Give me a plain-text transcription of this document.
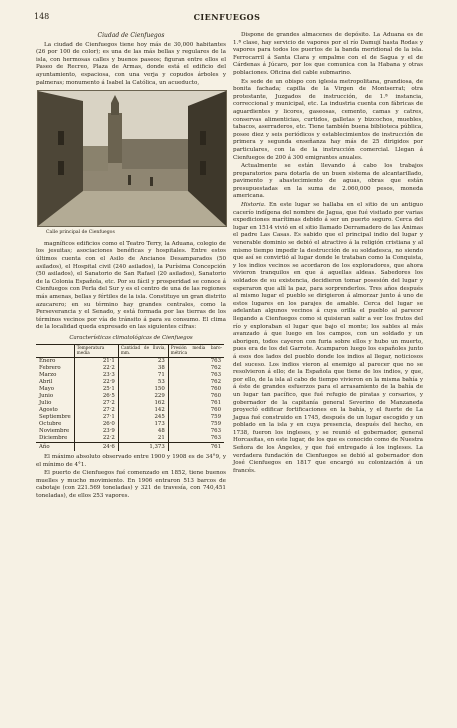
148	CIENFUEGOS
Ciudad de Cienfuegos

La ciudad de Cienfuegos tiene hoy más de 30,000 habitantes (26 por 100 de color); es una de las más bellas y regulares de la isla, con hermosas calles y buenos paseos; figuran entre ellos el Paseo de Recreo, Plaza de Armas, donde está el edificio del ayuntamiento, espaciosa, con una verja y copudos árboles y palmeras; monumento á Isabel la Católica, un acueducto,

Calle principal de Cienfuegos

magníficos edificios como el Teatro Terry, la Aduana, colegio de los jesuitas; asociaciones benéficas y hospitales. Entre estos últimos cuenta con el Asilo de Ancianos Desamparados (50 asilados), el Hospital civil (240 asilados), la Purísima Concepción (50 asilados), el Sanatorio de San Rafael (20 asilados), Sanatorio de la Colonia Española, etc. Por su fácil y prosperidad se conoce á Cienfuegos con Perla del Sur y es el centro de una de las regiones más amenas, bellas y fértiles de la isla. Constituye un gran distrito azucarero; en su término hay grandes centrales, como la Perseverancia y el Senado, y está formada por las tierras de los términos vecinos por vía de tránsito á para su consumo. El clima de la localidad queda expresado en las siguientes cifras:

Características climatológicas de Cienfuegos
	Temperatura media	Cantidad de lluvia, mm.	Presión media baro-métrica
Enero	21·1	23	763
Febrero	22·2	38	762
Marzo	23·3	71	763
Abril	22·9	53	762
Mayo	25·1	150	760
Junio	26·5	229	760
Julio	27·2	162	761
Agosto	27·2	142	760
Septiembre	27·1	245	759
Octubre	26·0	173	759
Noviembre	23·9	48	763
Diciembre	22·2	21	763
Año	24·6	1,373	761

El máximo absoluto observado entre 1900 y 1908 es de 34°9, y el mínimo de 4°1.

El puerto de Cienfuegos fué comenzado en 1852, tiene buenos muelles y mucho movimiento. En 1906 entraron 513 barcos de cabotaje (con 221.569 toneladas) y 321 de travesía, con 740,451 toneladas), de ellos 253 vapores.

Dispone de grandes almacenes de depósito. La Aduana es de 1.ª clase, hay servicio de vapores por el río Damují hasta Rodas y vapores para todos los puertos de la banda meridional de la isla. Ferrocarril á Santa Clara y empalme con el de Sagua y el de Cárdenas á Júcaro, por los que comunica con la Habana y otras poblaciones. Oficina del cable submarino.

Es sede de un obispo con iglesia metropolitana, grandiosa, de bonita fachada; capilla de la Virgen de Montserrat; otra protestante, Juzgados de instrucción, de 1.ª instancia, correccional y municipal, etc. La industria cuenta con fábricas de aguardientes y licores, gaseosas, cemento, camas y catres, conservas alimenticias, curtidos, galletas y bizcochos, muebles, tabacos, aserraderos, etc. Tiene también buena biblioteca pública, posee diez y seis periódicos y establecimientos de instrucción de primera y segunda enseñanza hay más de 25 dirigidos por particulares, con la de la instrucción comercial. Llegan á Cienfuegos de 200 á 300 emigrantes anuales.

Actualmente se están llevando á cabo los trabajos preparatorios para dotarla de un buen sistema de alcantarillado, pavimento y abastecimiento de aguas, obras que están presupuestadas en la suma de 2.060,000 pesos, moneda americana.

Historia. En este lugar se hallaba en el sitio de un antiguo cacerío indígena del nombre de Jagua, que fué visitado por varias expediciones marítimas debido á ser un puerto seguro. Cerca del lugar en 1514 vivió en el sitio llamado Derramadero de las Ánimas el padre Las Casas. Es sabido que el principal indio del lugar y venerable dominio se debió el atractivo á la religión cristiana y al mismo tiempo impedir la destrucción de su soldadesca, no siendo que así se convirtió al lugar donde le trataban como la Conquista, y los indios vecinos se acordaron de los exploradores, que ahora vivieron tranquilos en que á aquellas aldeas. Sabedores los soldados de su existencia, decidieron tomar posesión del lugar y esperaron que allí la paz, para sorprenderlos. Tres años después al mismo lugar el pueblo se dirigieron á almorzar junto á uno de estos lugares en los parajes de amable. Cerca del lugar se adelantan algunos vecinos á cuya orilla el pueblo al parecer llegando a Cienfuegos como si quisieran salir a ver los frutos del río y exploraban el lugar que bajo el monte; los sables al más avanzado á que luego en los campos, con un soldado y un aborigen, todos cayeron con furia sobre ellos y hubo un muerto, pues era de los del Garrote. Acamparon luego los españoles junto á esos dos lados del pueblo donde los indios al llegar, noticiosos del suceso. Los indios vieron al enemigo al parecer que no se resolvieron á ello; de la Española que tiene de los indios, y que, por ello, de la isla al cabo de tiempo vivieron en la misma bahía y á éste de grandes esfuerzos para el arrasamiento de la bahía de un lugar tan pacífico, que fué refugio de piratas y corsarios, y gobernador de la capitanía general Severino de Manzaneda proyectó edificar fortificaciones en la bahía, y el fuerte de La Jagua fué construido en 1745, después de un lugar escogido y un poblado en la isla y en cuya presencia, después del hecho, en 1738, fueron los ingleses, y se reunió el gobernador, general Horcasitas, en este lugar, de los que es conocido como de Nuestra Señora de los Ángeles, y que fué entregado á los ingleses. La verdadera fundación de Cienfuegos se debió al gobernador don José Cienfuegos en 1817 que encargó su colonización á un francés.
